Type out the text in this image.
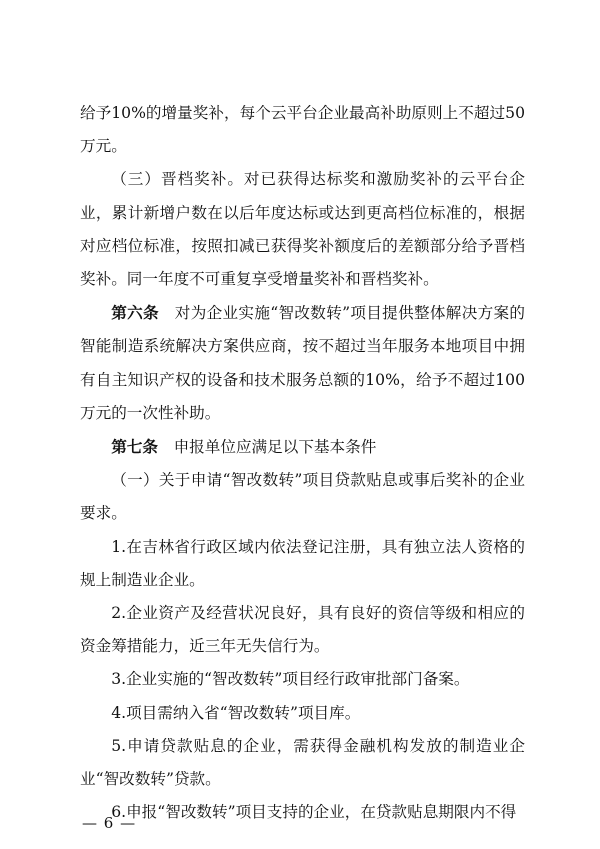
给予10%的增量奖补，每个云平台企业最高补助原则上不超过50万元。

（三）晋档奖补。对已获得达标奖和激励奖补的云平台企业，累计新增户数在以后年度达标或达到更高档位标准的，根据对应档位标准，按照扣减已获得奖补额度后的差额部分给予晋档奖补。同一年度不可重复享受增量奖补和晋档奖补。

第六条　对为企业实施“智改数转”项目提供整体解决方案的智能制造系统解决方案供应商，按不超过当年服务本地项目中拥有自主知识产权的设备和技术服务总额的10%，给予不超过100万元的一次性补助。

第七条　申报单位应满足以下基本条件

（一）关于申请“智改数转”项目贷款贴息或事后奖补的企业要求。

1.在吉林省行政区域内依法登记注册，具有独立法人资格的规上制造业企业。

2.企业资产及经营状况良好，具有良好的资信等级和相应的资金筹措能力，近三年无失信行为。

3.企业实施的“智改数转”项目经行政审批部门备案。

4.项目需纳入省“智改数转”项目库。

5.申请贷款贴息的企业，需获得金融机构发放的制造业企业“智改数转”贷款。

6.申报“智改数转”项目支持的企业，在贷款贴息期限内不得

— 6 —
